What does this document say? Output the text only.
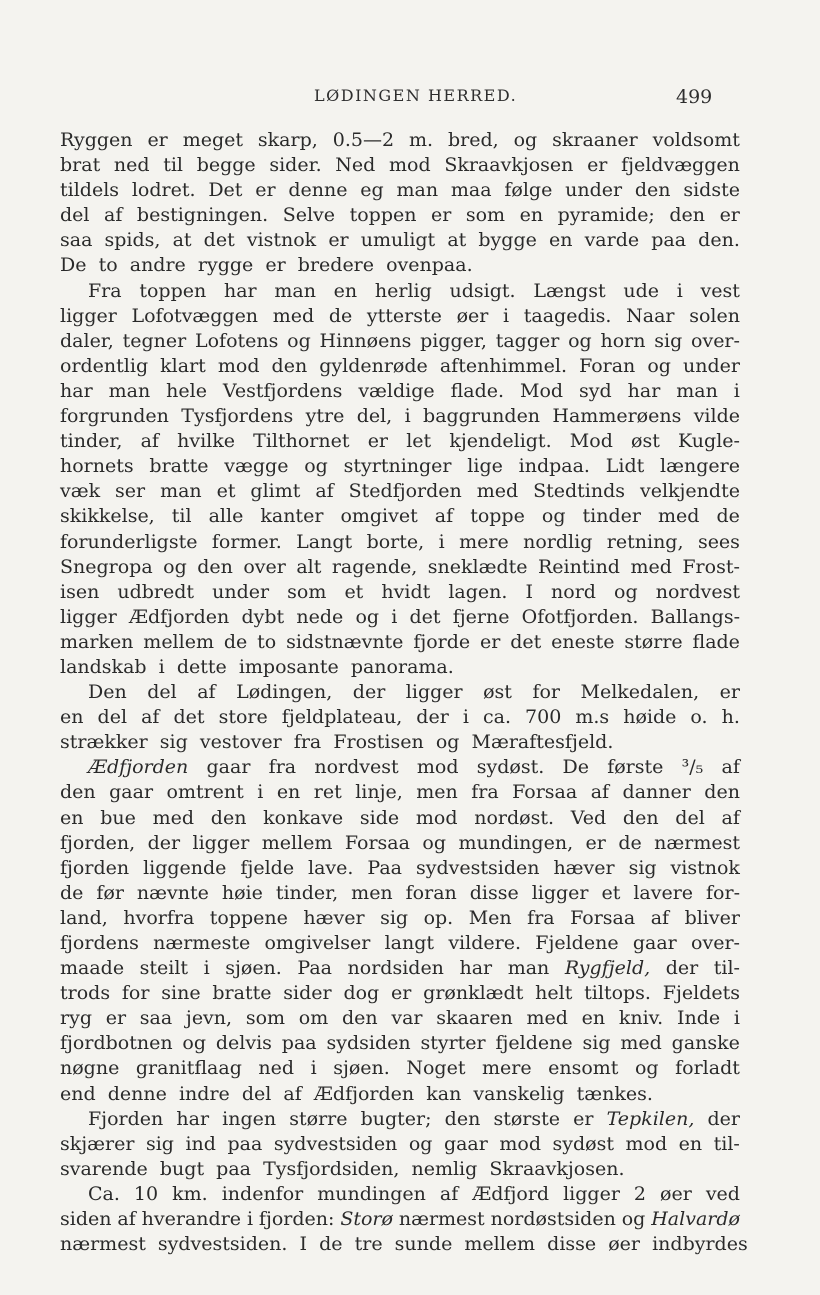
LØDINGEN HERRED.	499
Ryggen er meget skarp, 0.5—2 m. bred, og skraaner voldsomt
brat ned til begge sider. Ned mod Skraavkjosen er fjeldvæggen
tildels lodret. Det er denne eg man maa følge under den sidste
del af bestigningen. Selve toppen er som en pyramide; den er
saa spids, at det vistnok er umuligt at bygge en varde paa den.
De to andre rygge er bredere ovenpaa.
Fra toppen har man en herlig udsigt. Længst ude i vest
ligger Lofotvæggen med de ytterste øer i taagedis. Naar solen
daler, tegner Lofotens og Hinnøens pigger, tagger og horn sig over-
ordentlig klart mod den gyldenrøde aftenhimmel. Foran og under
har man hele Vestfjordens vældige flade. Mod syd har man i
forgrunden Tysfjordens ytre del, i baggrunden Hammerøens vilde
tinder, af hvilke Tilthornet er let kjendeligt. Mod øst Kugle-
hornets bratte vægge og styrtninger lige indpaa. Lidt længere
væk ser man et glimt af Stedfjorden med Stedtinds velkjendte
skikkelse, til alle kanter omgivet af toppe og tinder med de
forunderligste former. Langt borte, i mere nordlig retning, sees
Snegropa og den over alt ragende, sneklædte Reintind med Frost-
isen udbredt under som et hvidt lagen. I nord og nordvest
ligger Ædfjorden dybt nede og i det fjerne Ofotfjorden. Ballangs-
marken mellem de to sidstnævnte fjorde er det eneste større flade
landskab i dette imposante panorama.
Den del af Lødingen, der ligger øst for Melkedalen, er
en del af det store fjeldplateau, der i ca. 700 m.s høide o. h.
strækker sig vestover fra Frostisen og Mæraftesfjeld.
Ædfjorden gaar fra nordvest mod sydøst. De første ³/₅ af
den gaar omtrent i en ret linje, men fra Forsaa af danner den
en bue med den konkave side mod nordøst. Ved den del af
fjorden, der ligger mellem Forsaa og mundingen, er de nærmest
fjorden liggende fjelde lave. Paa sydvestsiden hæver sig vistnok
de før nævnte høie tinder, men foran disse ligger et lavere for-
land, hvorfra toppene hæver sig op. Men fra Forsaa af bliver
fjordens nærmeste omgivelser langt vildere. Fjeldene gaar over-
maade steilt i sjøen. Paa nordsiden har man Rygfjeld, der til-
trods for sine bratte sider dog er grønklædt helt tiltops. Fjeldets
ryg er saa jevn, som om den var skaaren med en kniv. Inde i
fjordbotnen og delvis paa sydsiden styrter fjeldene sig med ganske
nøgne granitflaag ned i sjøen. Noget mere ensomt og forladt
end denne indre del af Ædfjorden kan vanskelig tænkes.
Fjorden har ingen større bugter; den største er Tepkilen, der
skjærer sig ind paa sydvestsiden og gaar mod sydøst mod en til-
svarende bugt paa Tysfjordsiden, nemlig Skraavkjosen.
Ca. 10 km. indenfor mundingen af Ædfjord ligger 2 øer ved
siden af hverandre i fjorden: Storø nærmest nordøstsiden og Halvardø
nærmest sydvestsiden. I de tre sunde mellem disse øer indbyrdes
